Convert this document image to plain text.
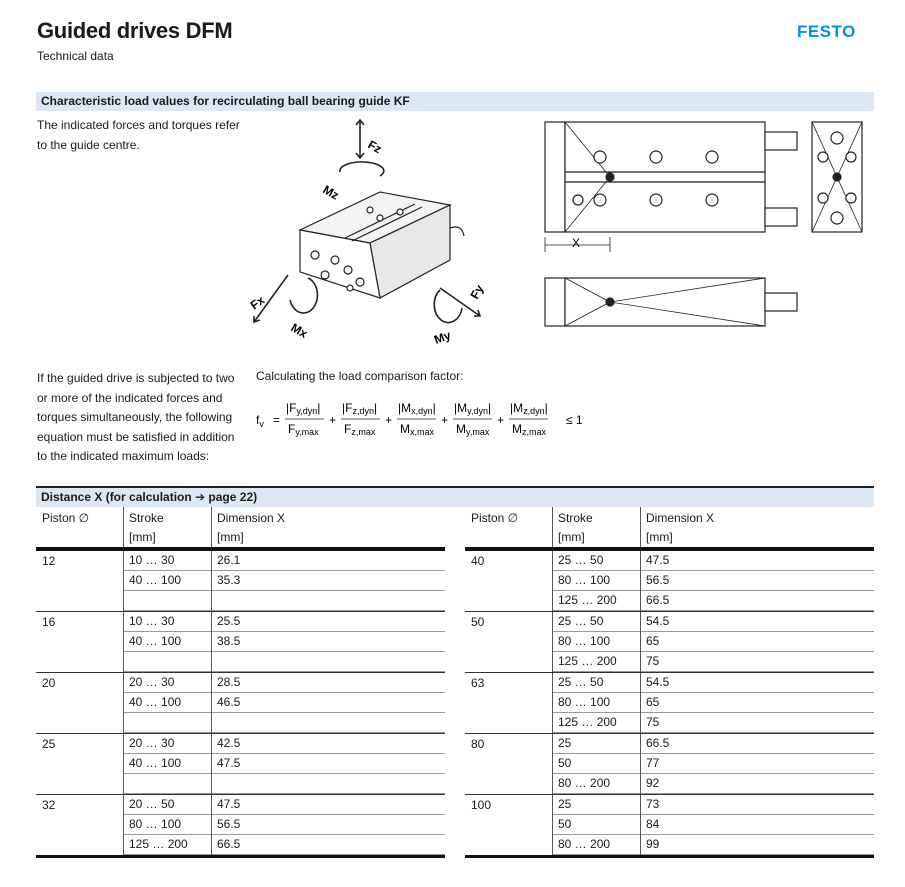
Guided drives DFM
Technical data
FESTO
Characteristic load values for recirculating ball bearing guide KF
The indicated forces and torques refer to the guide centre.	Fz
Mz
Fx
Mx
Fy
My
X
If the guided drive is subjected to two or more of the indicated forces and torques simultaneously, the following equation must be satisfied in addition to the indicated maximum loads:
Calculating the load comparison factor:
$f_v$ =
|Fy,dyn|
Fy,max
+
|Fz,dyn|
Fz,max
+
|Mx,dyn|
Mx,max
+
|My,dyn|
My,max
+
|Mz,dyn|
Mz,max
≤ 1
Distance X (for calculation ➔ page 22)
Piston ∅	Stroke
[mm]
Dimension X
[mm]
12	10 … 30	26.1
40 … 100	35.3
16	10 … 30	25.5
40 … 100	38.5
20	20 … 30	28.5
40 … 100	46.5
25	20 … 30	42.5
40 … 100	47.5
32	20 … 50	47.5
80 … 100	56.5
125 … 200 66.5
Piston ∅	Stroke
[mm]
Dimension X
[mm]
40	25 … 50	47.5
80 … 100	56.5
125 … 200 66.5
50	25 … 50	54.5
80 … 100	65
125 … 200 75
63	25 … 50	54.5
80 … 100	65
125 … 200 75
80	25	66.5
50	77
80 … 200	92
100	25	73
50	84
80 … 200	99
